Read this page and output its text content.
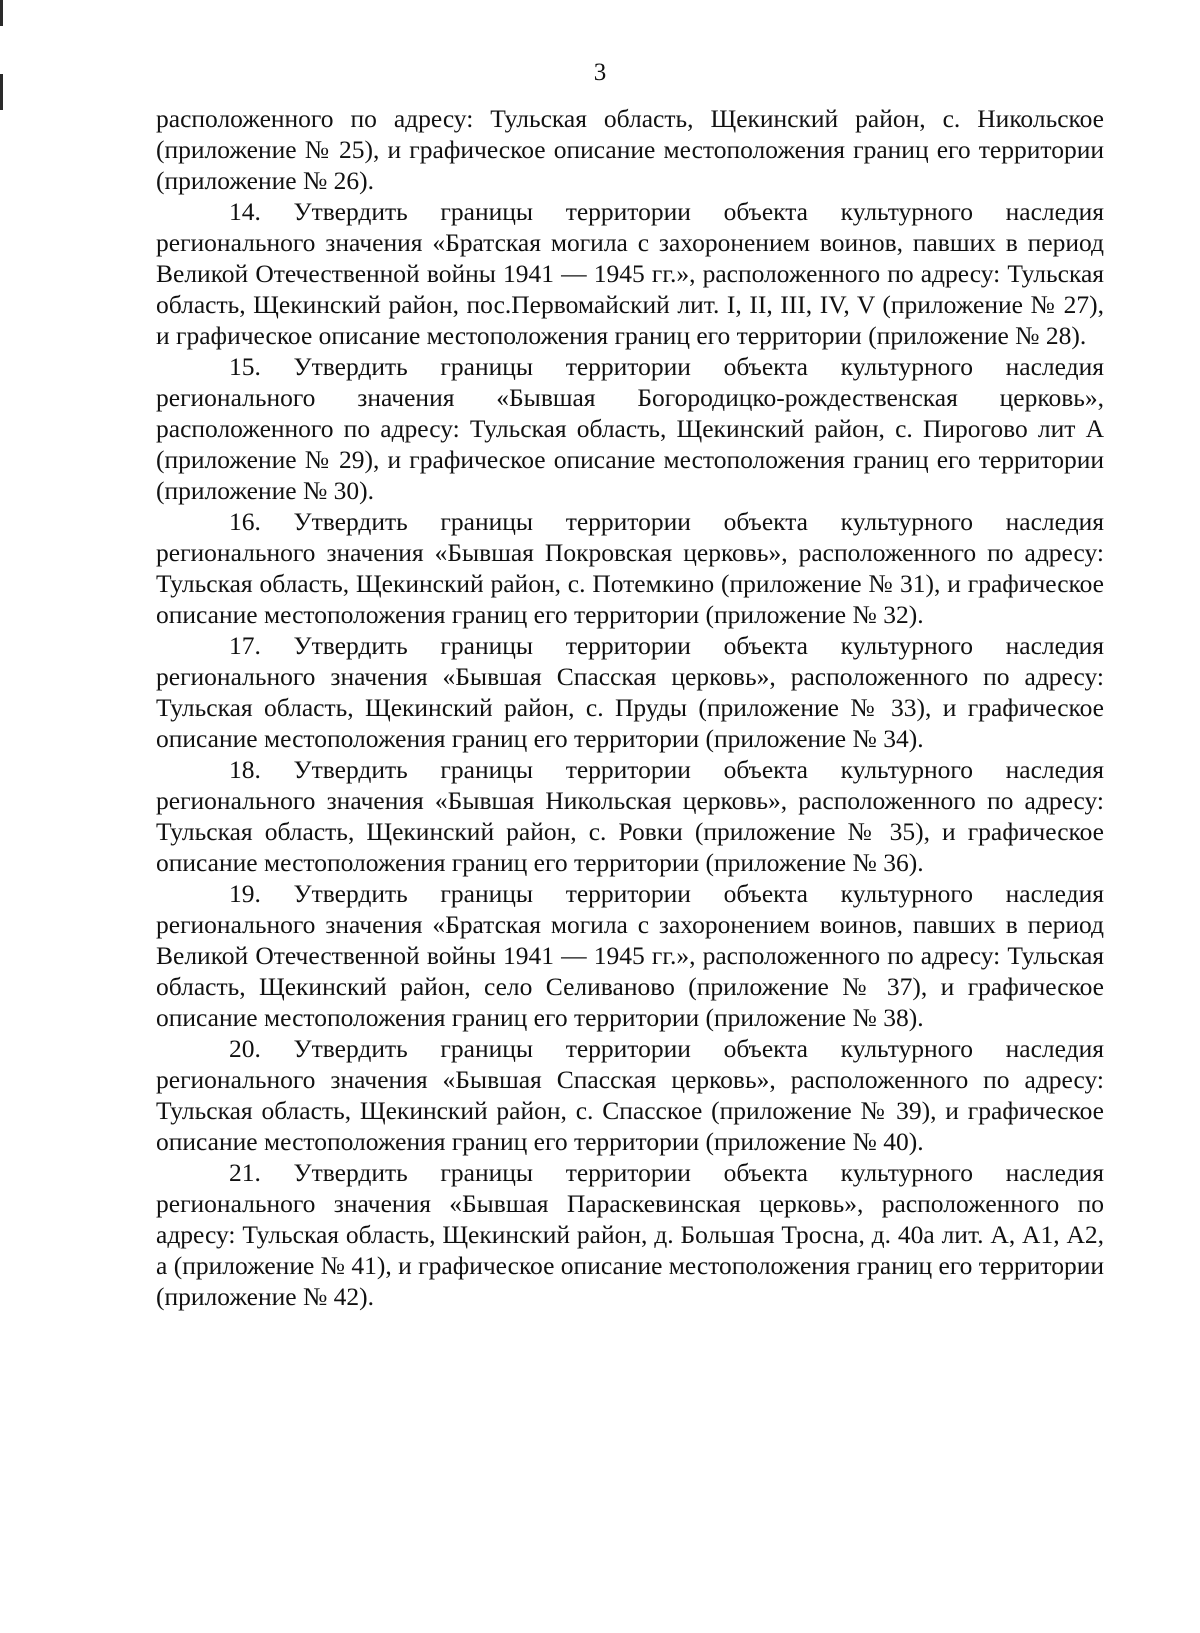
3

расположенного по адресу: Тульская область, Щекинский район, с. Никольское (приложение № 25), и графическое описание местоположения границ его территории (приложение № 26).

14. Утвердить границы территории объекта культурного наследия регионального значения «Братская могила с захоронением воинов, павших в период Великой Отечественной войны 1941 — 1945 гг.», расположенного по адресу: Тульская область, Щекинский район, пос.Первомайский лит. I, II, III, IV, V (приложение № 27), и графическое описание местоположения границ его территории (приложение № 28).

15. Утвердить границы территории объекта культурного наследия регионального значения «Бывшая Богородицко-рождественская церковь», расположенного по адресу: Тульская область, Щекинский район, с. Пирогово лит А (приложение № 29), и графическое описание местоположения границ его территории (приложение № 30).

16. Утвердить границы территории объекта культурного наследия регионального значения «Бывшая Покровская церковь», расположенного по адресу: Тульская область, Щекинский район, с. Потемкино (приложение № 31), и графическое описание местоположения границ его территории (приложение № 32).

17. Утвердить границы территории объекта культурного наследия регионального значения «Бывшая Спасская церковь», расположенного по адресу: Тульская область, Щекинский район, с. Пруды (приложение № 33), и графическое описание местоположения границ его территории (приложение № 34).

18. Утвердить границы территории объекта культурного наследия регионального значения «Бывшая Никольская церковь», расположенного по адресу: Тульская область, Щекинский район, с. Ровки (приложение № 35), и графическое описание местоположения границ его территории (приложение № 36).

19. Утвердить границы территории объекта культурного наследия регионального значения «Братская могила с захоронением воинов, павших в период Великой Отечественной войны 1941 — 1945 гг.», расположенного по адресу: Тульская область, Щекинский район, село Селиваново (приложение № 37), и графическое описание местоположения границ его территории (приложение № 38).

20. Утвердить границы территории объекта культурного наследия регионального значения «Бывшая Спасская церковь», расположенного по адресу: Тульская область, Щекинский район, с. Спасское (приложение № 39), и графическое описание местоположения границ его территории (приложение № 40).

21. Утвердить границы территории объекта культурного наследия регионального значения «Бывшая Параскевинская церковь», расположенного по адресу: Тульская область, Щекинский район, д. Большая Тросна, д. 40а лит. А, А1, А2, а (приложение № 41), и графическое описание местоположения границ его территории (приложение № 42).
